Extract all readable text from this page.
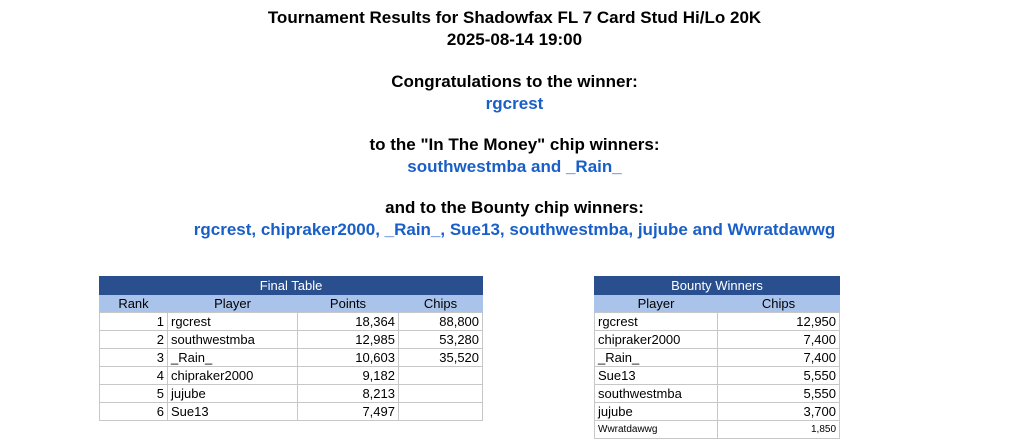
Tournament Results for Shadowfax FL 7 Card Stud Hi/Lo 20K
2025-08-14 19:00
Congratulations to the winner:
rgcrest
to the "In The Money" chip winners:
southwestmba and _Rain_
and to the Bounty chip winners:
rgcrest, chipraker2000, _Rain_, Sue13, southwestmba, jujube and Wwratdawwg
Final Table			
Rank	Player	Points	Chips
1	rgcrest	18,364	88,800
2	southwestmba	12,985	53,280
3	_Rain_	10,603	35,520
4	chipraker2000	9,182	
5	jujube	8,213	
6	Sue13	7,497	
Bounty Winners	
Player	Chips
rgcrest	12,950
chipraker2000	7,400
_Rain_	7,400
Sue13	5,550
southwestmba	5,550
jujube	3,700
Wwratdawwg	1,850
